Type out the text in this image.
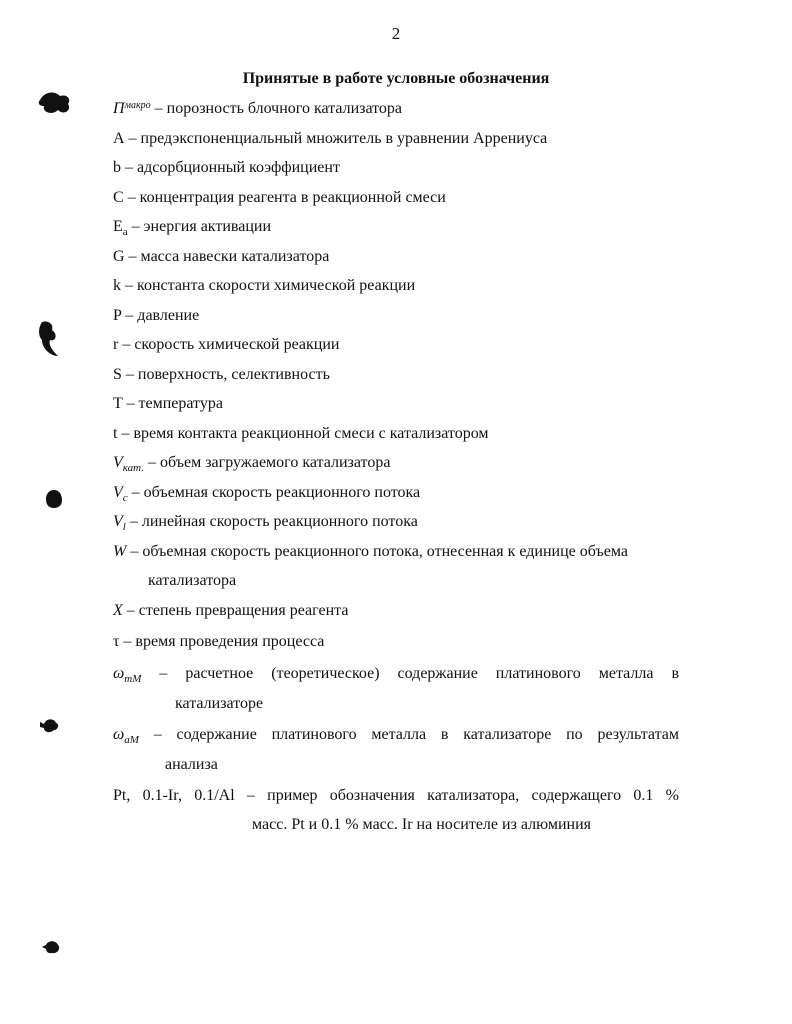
2
Принятые в работе условные обозначения
$П^{макро}$ – порозность блочного катализатора
А – предэкспоненциальный множитель в уравнении Аррениуса
b – адсорбционный коэффициент
С – концентрация реагента в реакционной смеси
$E_a$ – энергия активации
G – масса навески катализатора
k – константа скорости химической реакции
P – давление
r – скорость химической реакции
S – поверхность, селективность
T – температура
t – время контакта реакционной смеси с катализатором
$V_{кат.}$ – объем загружаемого катализатора
$V_c$ – объемная скорость реакционного потока
$V_l$ – линейная скорость реакционного потока
W – объемная скорость реакционного потока, отнесенная к единице объема
катализатора
X – степень превращения реагента
τ – время проведения процесса
$\omega_{mM}$ – расчетное (теоретическое) содержание платинового металла в
катализаторе
$\omega_{aM}$ – содержание платинового металла в катализаторе по результатам
анализа
Pt, 0.1-Ir, 0.1/Al – пример обозначения катализатора, содержащего 0.1 %
масс. Pt и 0.1 % масс. Ir на носителе из алюминия
